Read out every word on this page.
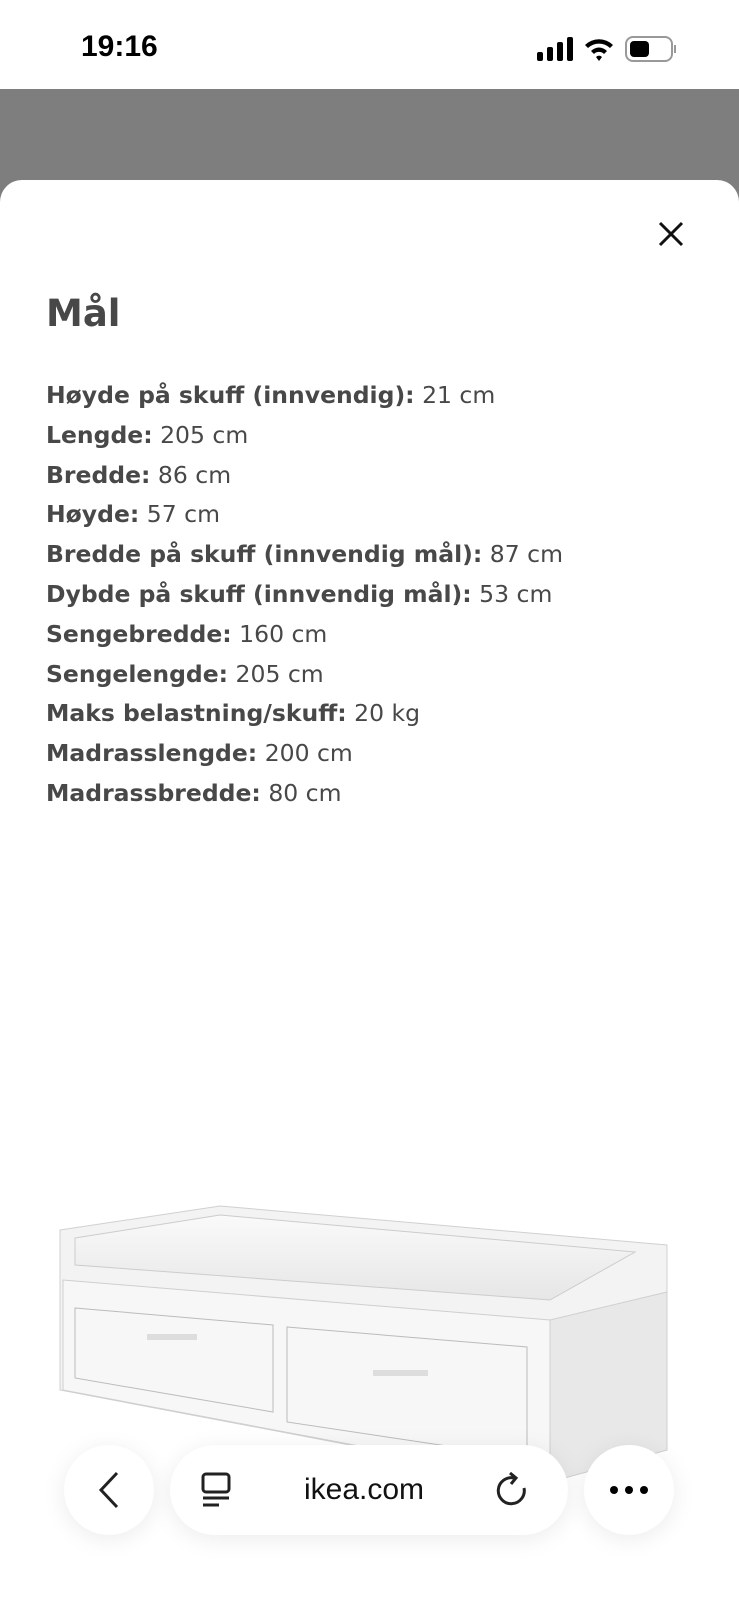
19:16
Mål
Høyde på skuff (innvendig): 21 cm
Lengde: 205 cm
Bredde: 86 cm
Høyde: 57 cm
Bredde på skuff (innvendig mål): 87 cm
Dybde på skuff (innvendig mål): 53 cm
Sengebredde: 160 cm
Sengelengde: 205 cm
Maks belastning/skuff: 20 kg
Madrasslengde: 200 cm
Madrassbredde: 80 cm
ikea.com
